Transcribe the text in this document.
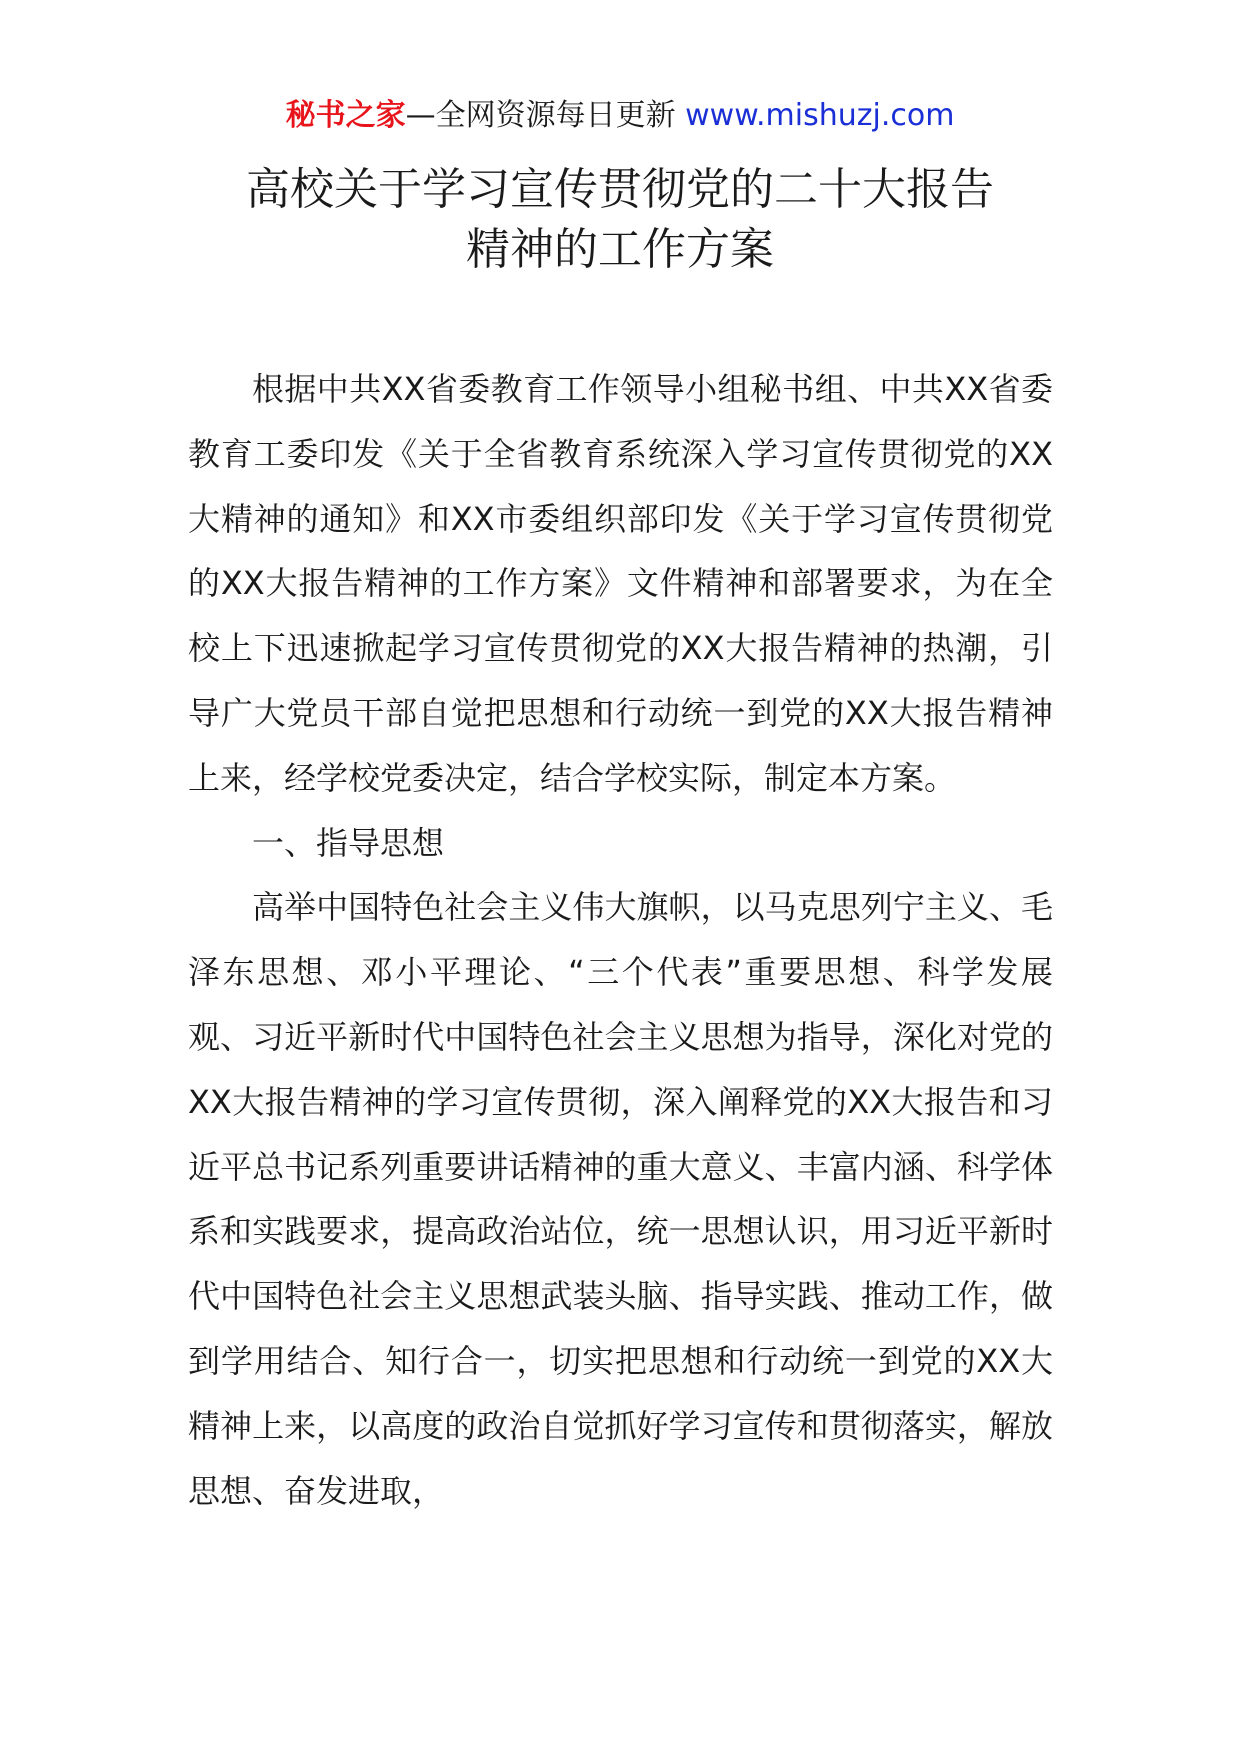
秘书之家—全网资源每日更新 www.mishuzj.com
高校关于学习宣传贯彻党的二十大报告
精神的工作方案

根据中共XX省委教育工作领导小组秘书组、中共XX省委教育工委印发《关于全省教育系统深入学习宣传贯彻党的XX大精神的通知》和XX市委组织部印发《关于学习宣传贯彻党的XX大报告精神的工作方案》文件精神和部署要求，为在全校上下迅速掀起学习宣传贯彻党的XX大报告精神的热潮，引导广大党员干部自觉把思想和行动统一到党的XX大报告精神上来，经学校党委决定，结合学校实际，制定本方案。

一、指导思想

高举中国特色社会主义伟大旗帜，以马克思列宁主义、毛泽东思想、邓小平理论、“三个代表”重要思想、科学发展观、习近平新时代中国特色社会主义思想为指导，深化对党的XX大报告精神的学习宣传贯彻，深入阐释党的XX大报告和习近平总书记系列重要讲话精神的重大意义、丰富内涵、科学体系和实践要求，提高政治站位，统一思想认识，用习近平新时代中国特色社会主义思想武装头脑、指导实践、推动工作，做到学用结合、知行合一，切实把思想和行动统一到党的XX大精神上来，以高度的政治自觉抓好学习宣传和贯彻落实，解放思想、奋发进取，
